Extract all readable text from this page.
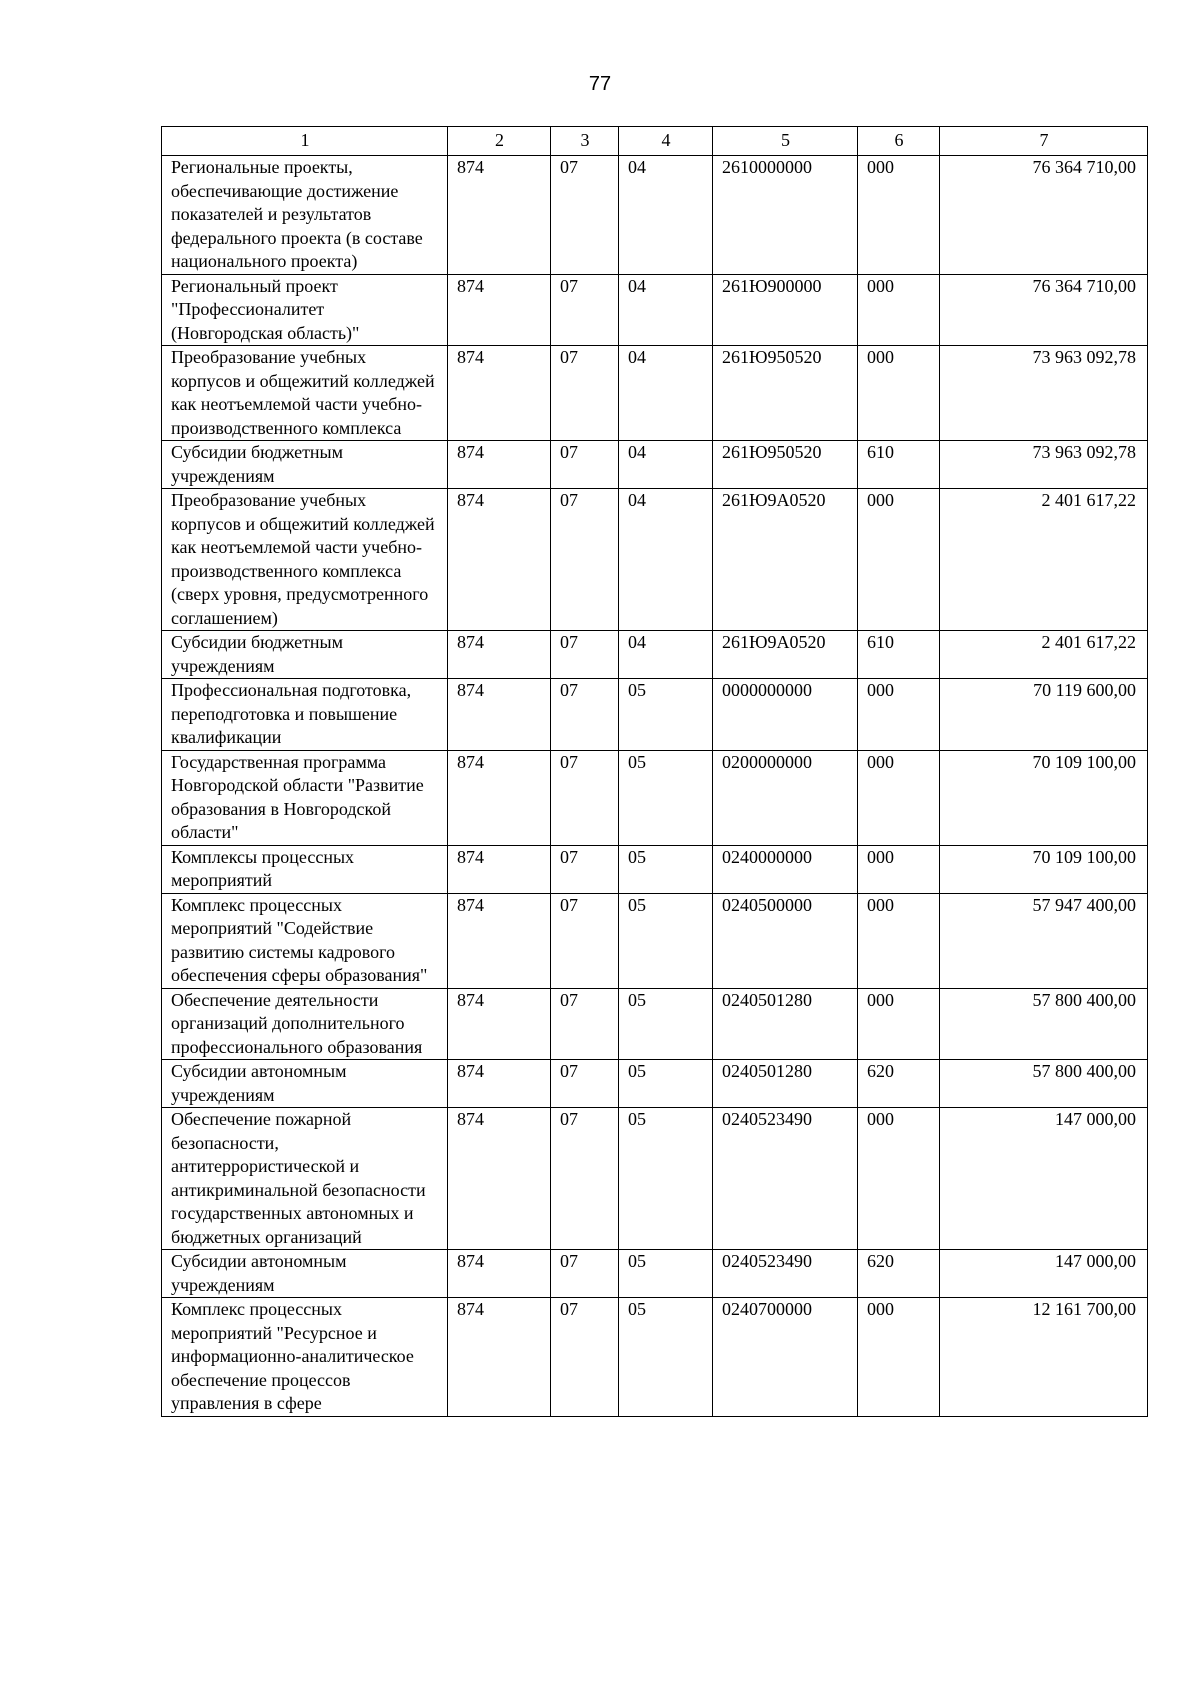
77
1	2	3	4	5	6	7
Региональные проекты, обеспечивающие достижение показателей и результатов федерального проекта (в составе национального проекта)	874	07	04	2610000000	000	76 364 710,00
Региональный проект "Профессионалитет (Новгородская область)"	874	07	04	261Ю900000	000	76 364 710,00
Преобразование учебных корпусов и общежитий колледжей как неотъемлемой части учебно-производственного комплекса	874	07	04	261Ю950520	000	73 963 092,78
Субсидии бюджетным учреждениям	874	07	04	261Ю950520	610	73 963 092,78
Преобразование учебных корпусов и общежитий колледжей как неотъемлемой части учебно-производственного комплекса (сверх уровня, предусмотренного соглашением)	874	07	04	261Ю9А0520	000	2 401 617,22
Субсидии бюджетным учреждениям	874	07	04	261Ю9А0520	610	2 401 617,22
Профессиональная подготовка, переподготовка и повышение квалификации	874	07	05	0000000000	000	70 119 600,00
Государственная программа Новгородской области "Развитие образования в Новгородской области"	874	07	05	0200000000	000	70 109 100,00
Комплексы процессных мероприятий	874	07	05	0240000000	000	70 109 100,00
Комплекс процессных мероприятий "Содействие развитию системы кадрового обеспечения сферы образования"	874	07	05	0240500000	000	57 947 400,00
Обеспечение деятельности организаций дополнительного профессионального образования	874	07	05	0240501280	000	57 800 400,00
Субсидии автономным учреждениям	874	07	05	0240501280	620	57 800 400,00
Обеспечение пожарной безопасности, антитеррористической и антикриминальной безопасности государственных автономных и бюджетных организаций	874	07	05	0240523490	000	147 000,00
Субсидии автономным учреждениям	874	07	05	0240523490	620	147 000,00
Комплекс процессных мероприятий "Ресурсное и информационно-аналитическое обеспечение процессов управления в сфере	874	07	05	0240700000	000	12 161 700,00
